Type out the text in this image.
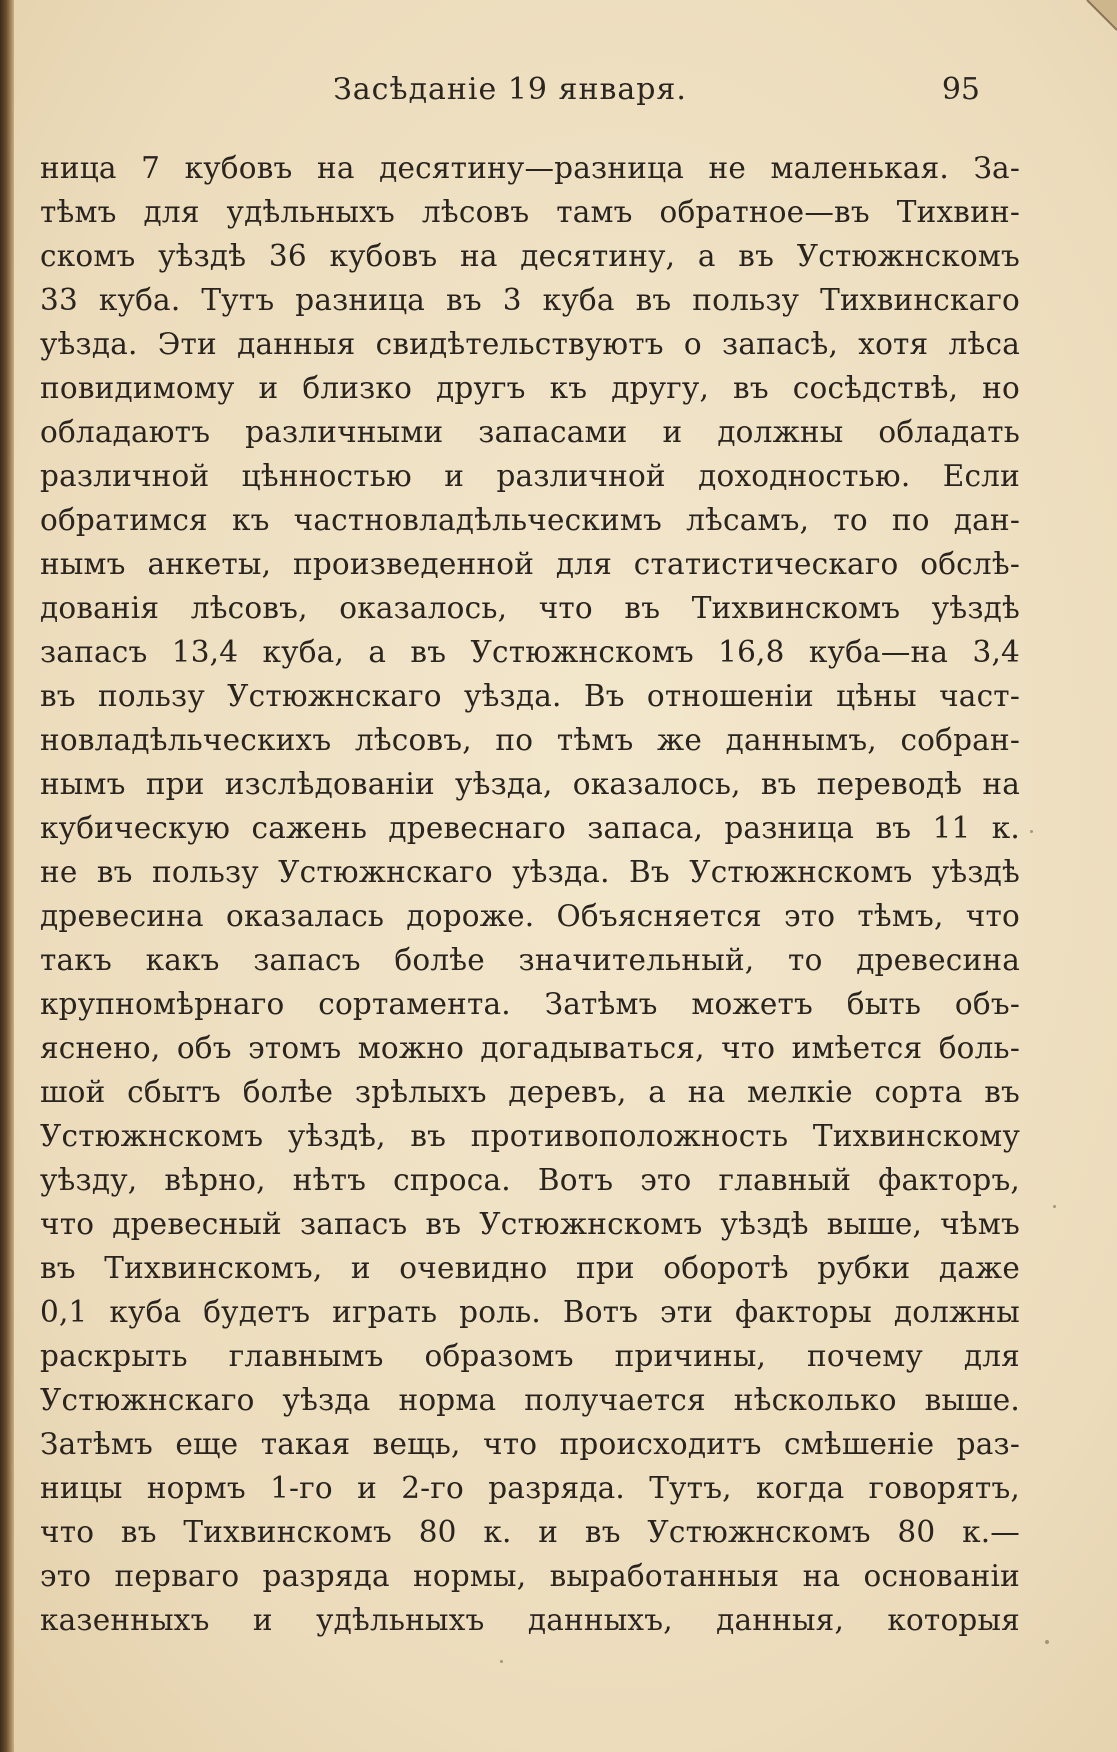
Засѣданіе 19 января.	95
ница 7 кубовъ на десятину—разница не маленькая. За-
тѣмъ для удѣльныхъ лѣсовъ тамъ обратное—въ Тихвин-
скомъ уѣздѣ 36 кубовъ на десятину, а въ Устюжнскомъ
33 куба. Тутъ разница въ 3 куба въ пользу Тихвинскаго
уѣзда. Эти данныя свидѣтельствуютъ о запасѣ, хотя лѣса
повидимому и близко другъ къ другу, въ сосѣдствѣ, но
обладаютъ различными запасами и должны обладать
различной цѣнностью и различной доходностью. Если
обратимся къ частновладѣльческимъ лѣсамъ, то по дан-
нымъ анкеты, произведенной для статистическаго обслѣ-
дованія лѣсовъ, оказалось, что въ Тихвинскомъ уѣздѣ
запасъ 13,4 куба, а въ Устюжнскомъ 16,8 куба—на 3,4
въ пользу Устюжнскаго уѣзда. Въ отношеніи цѣны част-
новладѣльческихъ лѣсовъ, по тѣмъ же даннымъ, собран-
нымъ при изслѣдованіи уѣзда, оказалось, въ переводѣ на
кубическую сажень древеснаго запаса, разница въ 11 к.
не въ пользу Устюжнскаго уѣзда. Въ Устюжнскомъ уѣздѣ
древесина оказалась дороже. Объясняется это тѣмъ, что
такъ какъ запасъ болѣе значительный, то древесина
крупномѣрнаго сортамента. Затѣмъ можетъ быть объ-
яснено, объ этомъ можно догадываться, что имѣется боль-
шой сбытъ болѣе зрѣлыхъ деревъ, а на мелкіе сорта въ
Устюжнскомъ уѣздѣ, въ противоположность Тихвинскому
уѣзду, вѣрно, нѣтъ спроса. Вотъ это главный факторъ,
что древесный запасъ въ Устюжнскомъ уѣздѣ выше, чѣмъ
въ Тихвинскомъ, и очевидно при оборотѣ рубки даже
0,1 куба будетъ играть роль. Вотъ эти факторы должны
раскрыть главнымъ образомъ причины, почему для
Устюжнскаго уѣзда норма получается нѣсколько выше.
Затѣмъ еще такая вещь, что происходитъ смѣшеніе раз-
ницы нормъ 1-го и 2-го разряда. Тутъ, когда говорятъ,
что въ Тихвинскомъ 80 к. и въ Устюжнскомъ 80 к.—
это перваго разряда нормы, выработанныя на основаніи
казенныхъ и удѣльныхъ данныхъ, данныя, которыя
